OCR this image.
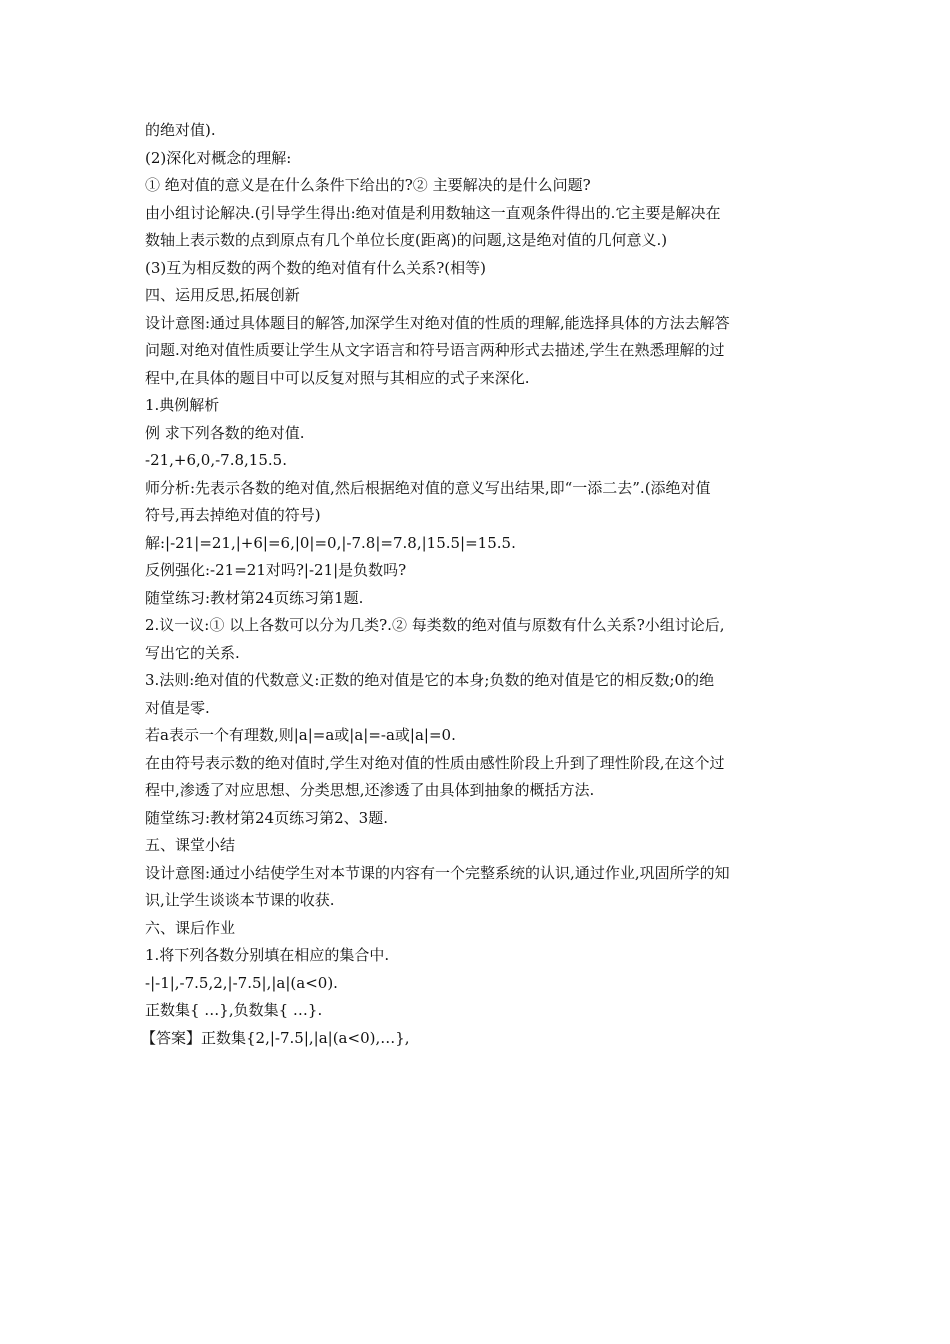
的绝对值).
(2)深化对概念的理解:
① 绝对值的意义是在什么条件下给出的?② 主要解决的是什么问题?
由小组讨论解决.(引导学生得出:绝对值是利用数轴这一直观条件得出的.它主要是解决在
数轴上表示数的点到原点有几个单位长度(距离)的问题,这是绝对值的几何意义.)
(3)互为相反数的两个数的绝对值有什么关系?(相等)
四、运用反思,拓展创新
设计意图:通过具体题目的解答,加深学生对绝对值的性质的理解,能选择具体的方法去解答
问题.对绝对值性质要让学生从文字语言和符号语言两种形式去描述,学生在熟悉理解的过
程中,在具体的题目中可以反复对照与其相应的式子来深化.
1.典例解析
例 求下列各数的绝对值.
-21,+6,0,-7.8,15.5.
师分析:先表示各数的绝对值,然后根据绝对值的意义写出结果,即“一添二去”.(添绝对值
符号,再去掉绝对值的符号)
解:|-21|=21,|+6|=6,|0|=0,|-7.8|=7.8,|15.5|=15.5.
反例强化:-21=21对吗?|-21|是负数吗?
随堂练习:教材第24页练习第1题.
2.议一议:① 以上各数可以分为几类?.② 每类数的绝对值与原数有什么关系?小组讨论后,
写出它的关系.
3.法则:绝对值的代数意义:正数的绝对值是它的本身;负数的绝对值是它的相反数;0的绝
对值是零.
若a表示一个有理数,则|a|=a或|a|=-a或|a|=0.
在由符号表示数的绝对值时,学生对绝对值的性质由感性阶段上升到了理性阶段,在这个过
程中,渗透了对应思想、分类思想,还渗透了由具体到抽象的概括方法.
随堂练习:教材第24页练习第2、3题.
五、课堂小结
设计意图:通过小结使学生对本节课的内容有一个完整系统的认识,通过作业,巩固所学的知
识,让学生谈谈本节课的收获.
六、课后作业
1.将下列各数分别填在相应的集合中.
-|-1|,-7.5,2,|-7.5|,|a|(a<0).
正数集{ …},负数集{ …}.
【答案】正数集{2,|-7.5|,|a|(a<0),…},
